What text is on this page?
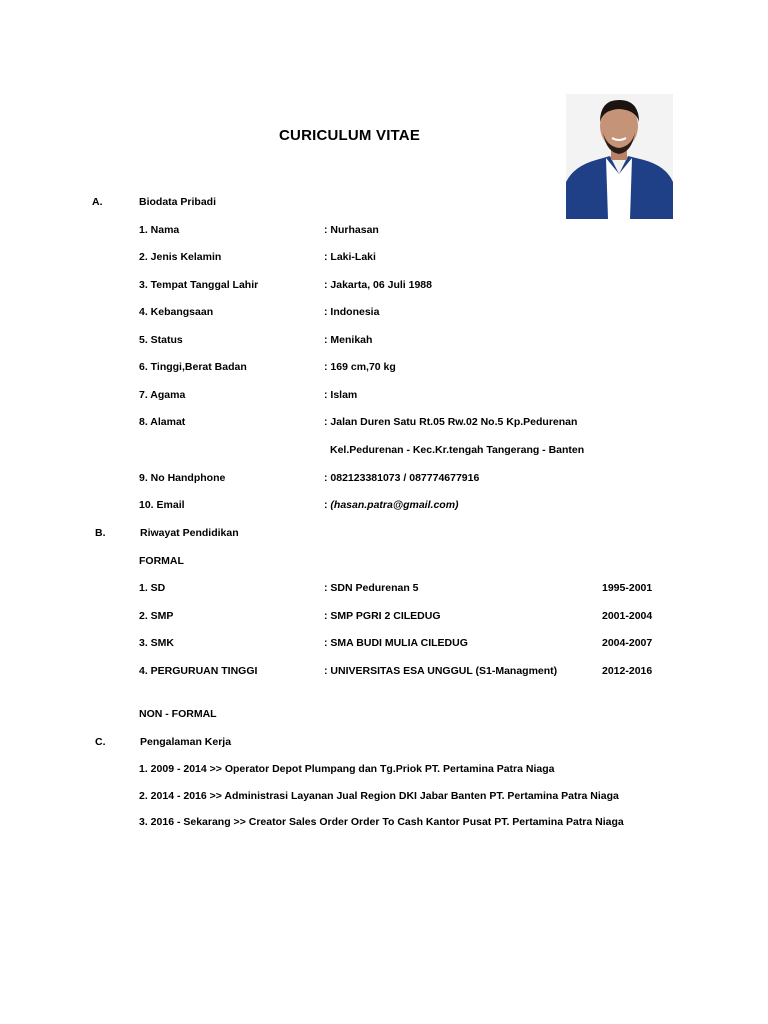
CURICULUM VITAE
A.	Biodata Pribadi
1. Nama	: Nurhasan
2. Jenis Kelamin	: Laki-Laki
3. Tempat Tanggal Lahir	: Jakarta, 06 Juli 1988
4. Kebangsaan	: Indonesia
5. Status	: Menikah
6. Tinggi,Berat Badan	: 169 cm,70 kg
7. Agama	: Islam
8. Alamat	: Jalan Duren Satu Rt.05 Rw.02 No.5 Kp.Pedurenan
Kel.Pedurenan - Kec.Kr.tengah Tangerang - Banten
9. No Handphone	: 082123381073 / 087774677916
10. Email	: (hasan.patra@gmail.com)
B.	Riwayat Pendidikan
FORMAL
1. SD	: SDN Pedurenan 5	1995-2001
2. SMP	: SMP PGRI 2 CILEDUG	2001-2004
3. SMK	: SMA BUDI MULIA CILEDUG	2004-2007
4. PERGURUAN TINGGI	: UNIVERSITAS ESA UNGGUL (S1-Managment)	2012-2016
NON - FORMAL
C.	Pengalaman Kerja
1. 2009 - 2014 >> Operator Depot Plumpang dan Tg.Priok PT. Pertamina Patra Niaga
2. 2014 - 2016 >> Administrasi Layanan Jual Region DKI Jabar Banten PT. Pertamina Patra Niaga
3. 2016 - Sekarang >> Creator Sales Order Order To Cash Kantor Pusat PT. Pertamina Patra Niaga
